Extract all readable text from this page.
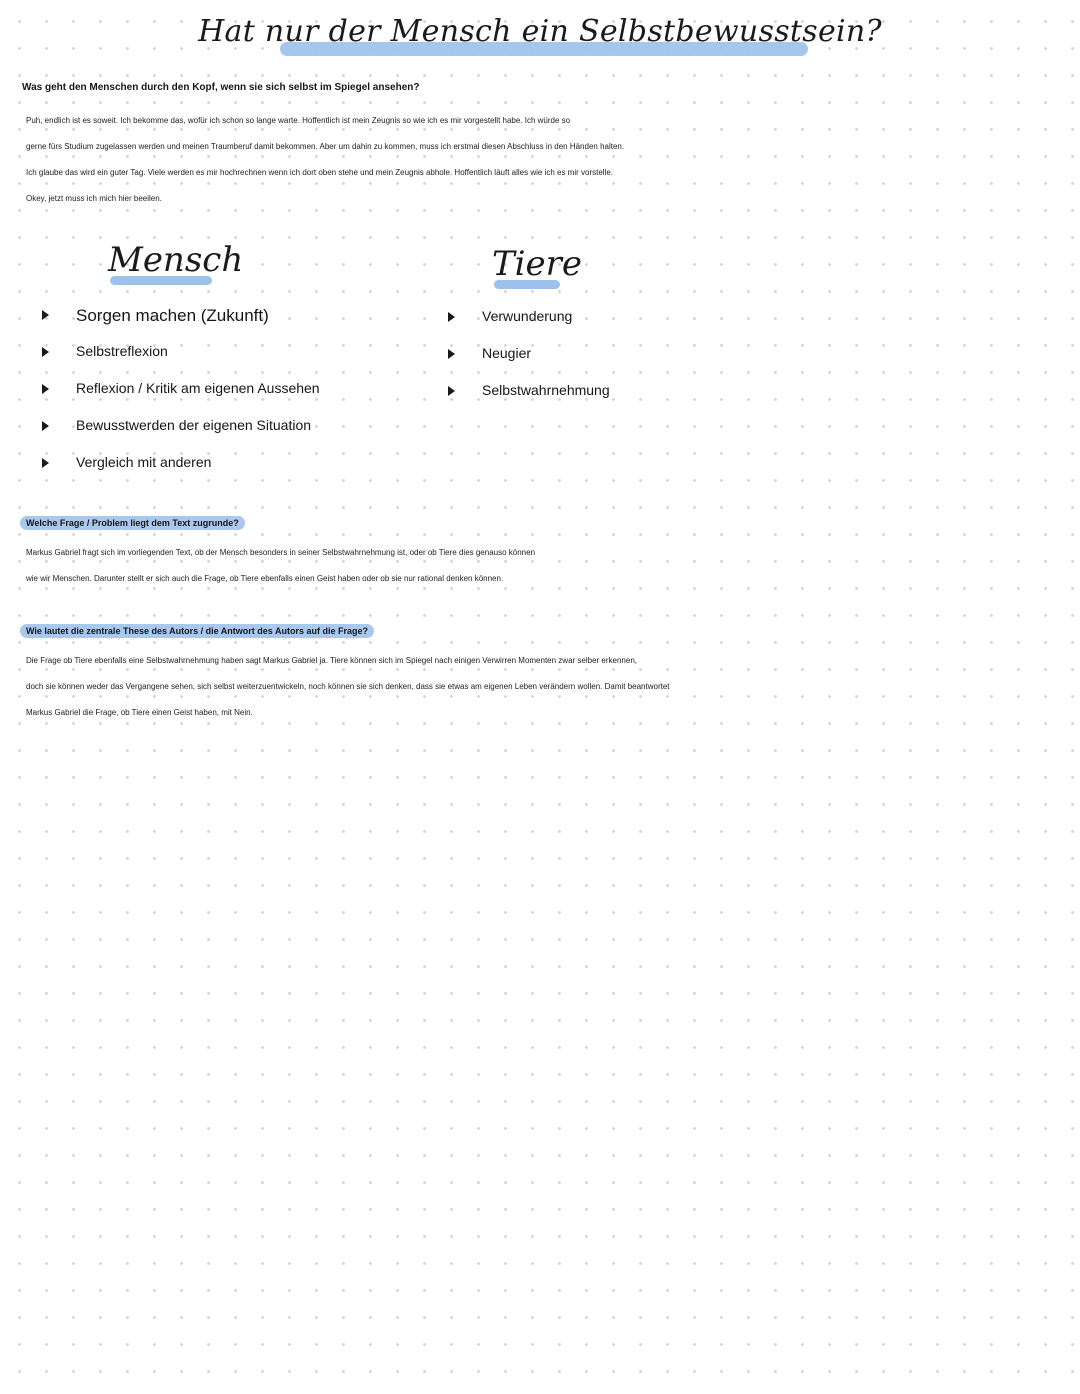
Hat nur der Mensch ein Selbstbewusstsein?
Was geht den Menschen durch den Kopf, wenn sie sich selbst im Spiegel ansehen?
Puh, endlich ist es soweit. Ich bekomme das, wofür ich schon so lange warte. Hoffentlich ist mein Zeugnis so wie ich es mir vorgestellt habe. Ich würde so
gerne fürs Studium zugelassen werden und meinen Traumberuf damit bekommen. Aber um dahin zu kommen, muss ich erstmal diesen Abschluss in den Händen halten.
Ich glaube das wird ein guter Tag. Viele werden es mir hochrechnen wenn ich dort oben stehe und mein Zeugnis abhole. Hoffentlich läuft alles wie ich es mir vorstelle.
Okey, jetzt muss ich mich hier beeilen.
Mensch	Tiere
Sorgen machen (Zukunft)
Selbstreflexion
Reflexion / Kritik am eigenen Aussehen
Bewusstwerden der eigenen Situation
Vergleich mit anderen
Verwunderung
Neugier
Selbstwahrnehmung
Welche Frage / Problem liegt dem Text zugrunde?
Markus Gabriel fragt sich im vorliegenden Text, ob der Mensch besonders in seiner Selbstwahrnehmung ist, oder ob Tiere dies genauso können
wie wir Menschen. Darunter stellt er sich auch die Frage, ob Tiere ebenfalls einen Geist haben oder ob sie nur rational denken können.
Wie lautet die zentrale These des Autors / die Antwort des Autors auf die Frage?
Die Frage ob Tiere ebenfalls eine Selbstwahrnehmung haben sagt Markus Gabriel ja. Tiere können sich im Spiegel nach einigen Verwirren Momenten zwar selber erkennen,
doch sie können weder das Vergangene sehen, sich selbst weiterzuentwickeln, noch können sie sich denken, dass sie etwas am eigenen Leben verändern wollen. Damit beantwortet
Markus Gabriel die Frage, ob Tiere einen Geist haben, mit Nein.
